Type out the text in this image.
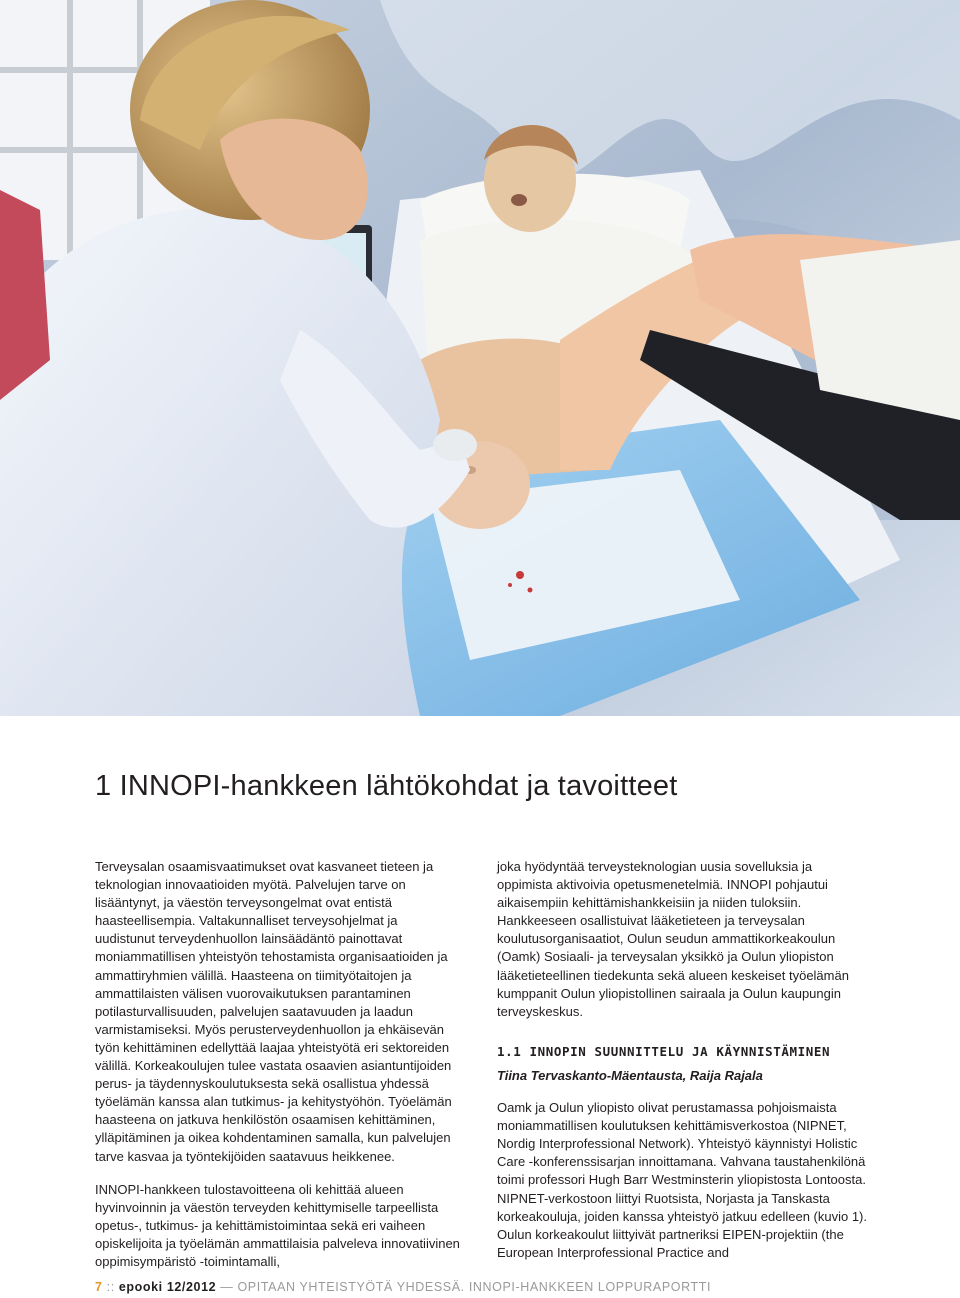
1 INNOPI-hankkeen lähtökohdat ja tavoitteet

Terveysalan osaamisvaatimukset ovat kasvaneet tieteen ja teknologian innovaatioiden myötä. Palvelujen tarve on lisääntynyt, ja väestön terveysongelmat ovat entistä haasteellisempia. Valtakunnalliset terveysohjelmat ja uudistunut terveydenhuollon lainsäädäntö painottavat moniammatillisen yhteistyön tehostamista organisaatioiden ja ammattiryhmien välillä. Haasteena on tiimityötaitojen ja ammattilaisten välisen vuorovaikutuksen parantaminen potilasturvallisuuden, palvelujen saatavuuden ja laadun varmistamiseksi. Myös perusterveydenhuollon ja ehkäisevän työn kehittäminen edellyttää laajaa yhteistyötä eri sektoreiden välillä. Korkeakoulujen tulee vastata osaavien asiantuntijoiden perus- ja täydennyskoulutuksesta sekä osallistua yhdessä työelämän kanssa alan tutkimus- ja kehitystyöhön. Työelämän haasteena on jatkuva henkilöstön osaamisen kehittäminen, ylläpitäminen ja oikea kohdentaminen samalla, kun palvelujen tarve kasvaa ja työntekijöiden saatavuus heikkenee.

INNOPI-hankkeen tulostavoitteena oli kehittää alueen hyvinvoinnin ja väestön terveyden kehittymiselle tarpeellista opetus-, tutkimus- ja kehittämistoimintaa sekä eri vaiheen opiskelijoita ja työelämän ammattilaisia palveleva innovatiivinen oppimisympäristö -toimintamalli,

joka hyödyntää terveysteknologian uusia sovelluksia ja oppimista aktivoivia opetusmenetelmiä. INNOPI pohjautui aikaisempiin kehittämishankkeisiin ja niiden tuloksiin. Hankkeeseen osallistuivat lääketieteen ja terveysalan koulutusorganisaatiot, Oulun seudun ammattikorkeakoulun (Oamk) Sosiaali- ja terveysalan yksikkö ja Oulun yliopiston lääketieteellinen tiedekunta sekä alueen keskeiset työelämän kumppanit Oulun yliopistollinen sairaala ja Oulun kaupungin terveyskeskus.

1.1 INNOPIN SUUNNITTELU JA KÄYNNISTÄMINEN
Tiina Tervaskanto-Mäentausta, Raija Rajala

Oamk ja Oulun yliopisto olivat perustamassa pohjoismaista moniammatillisen koulutuksen kehittämisverkostoa (NIPNET, Nordig Interprofessional Network). Yhteistyö käynnistyi Holistic Care -konferenssisarjan innoittamana. Vahvana taustahenkilönä toimi professori Hugh Barr Westminsterin yliopistosta Lontoosta. NIPNET-verkostoon liittyi Ruotsista, Norjasta ja Tanskasta korkeakouluja, joiden kanssa yhteistyö jatkuu edelleen (kuvio 1). Oulun korkeakoulut liittyivät partneriksi EIPEN-projektiin (the European Interprofessional Practice and

7 :: epooki 12/2012 — OPITAAN YHTEISTYÖTÄ YHDESSÄ. INNOPI-HANKKEEN LOPPURAPORTTI
